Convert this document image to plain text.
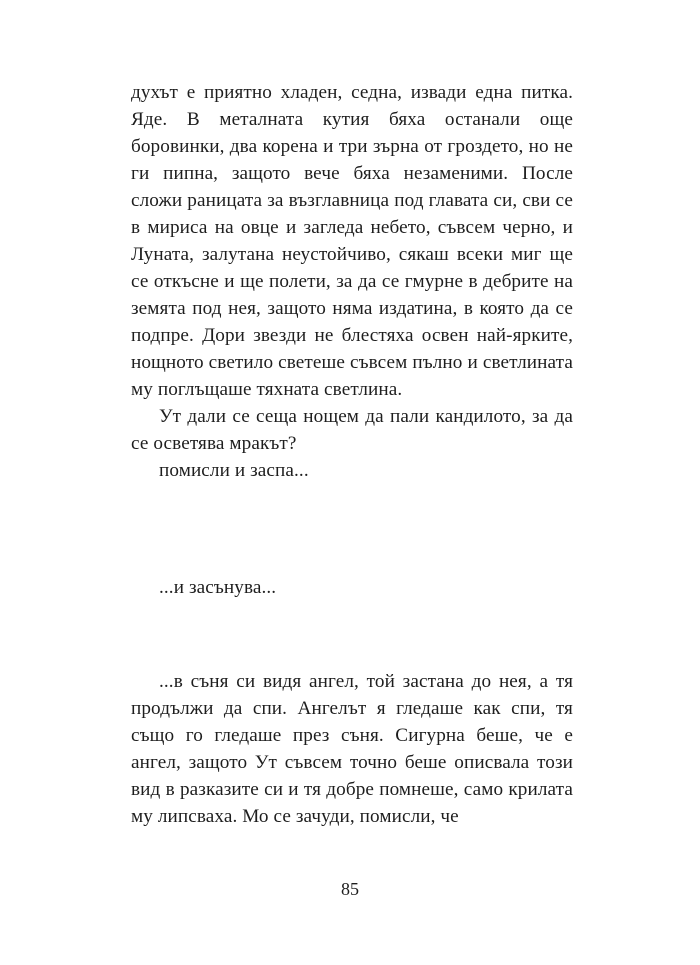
духът е приятно хладен, седна, извади една питка. Яде. В металната кутия бяха останали още боровинки, два корена и три зърна от гроздето, но не ги пипна, защото вече бяха незаменими. После сложи раницата за възглавница под главата си, сви се в мириса на овце и загледа небето, съвсем черно, и Луната, залутана неустойчиво, сякаш всеки миг ще се откъсне и ще полети, за да се гмурне в дебрите на земята под нея, защото няма издатина, в която да се подпре. Дори звезди не блестяха освен най-ярките, нощното светило светеше съвсем пълно и светлината му поглъщаше тяхната светлина.

Ут дали се сеща нощем да пали кандилото, за да се осветява мракът?

помисли и заспа...

...и засънува...

...в съня си видя ангел, той застана до нея, а тя продължи да спи. Ангелът я гледаше как спи, тя също го гледаше през съня. Сигурна беше, че е ангел, защото Ут съвсем точно беше описвала този вид в разказите си и тя добре помнеше, само крилата му липсваха. Мо се зачуди, помисли, че

85
